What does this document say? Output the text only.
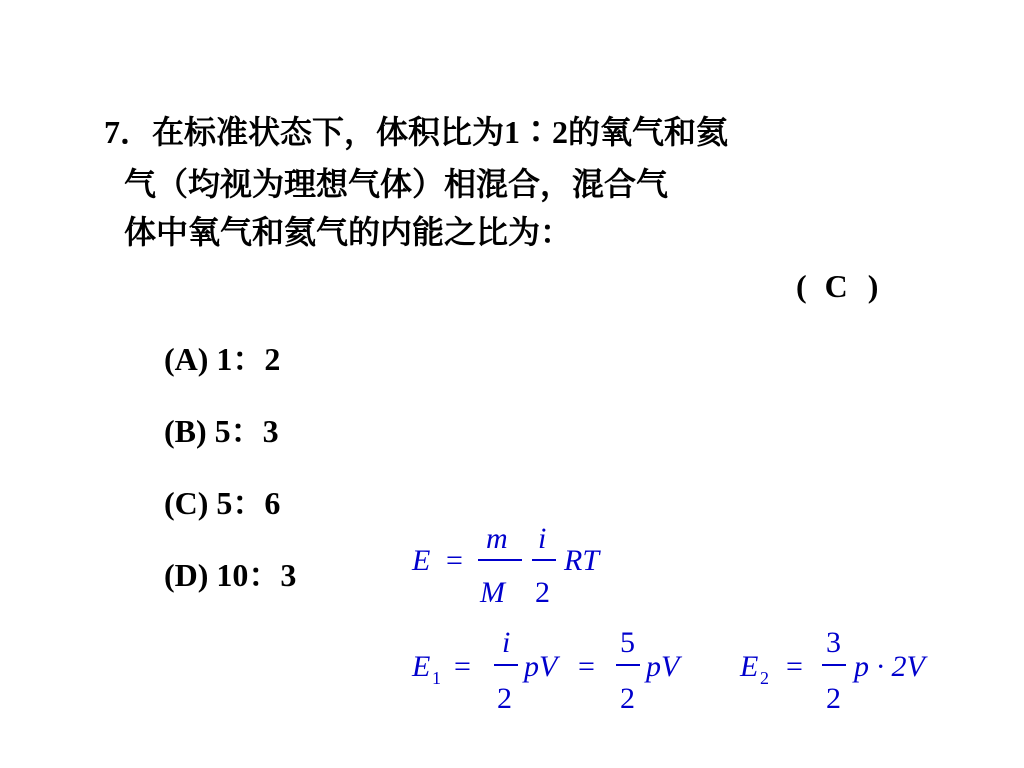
7．在标准状态下，体积比为1∶2的氧气和氦
气（均视为理想气体）相混合，混合气
体中氧气和氦气的内能之比为：
( C )
(A) 1：2
(B) 5：3
(C) 5：6
(D) 10：3	E =
m
M
i
2
RT
E 1 =
i
2
pV =
5
2
pV E 2 =
3
2
p · 2V
